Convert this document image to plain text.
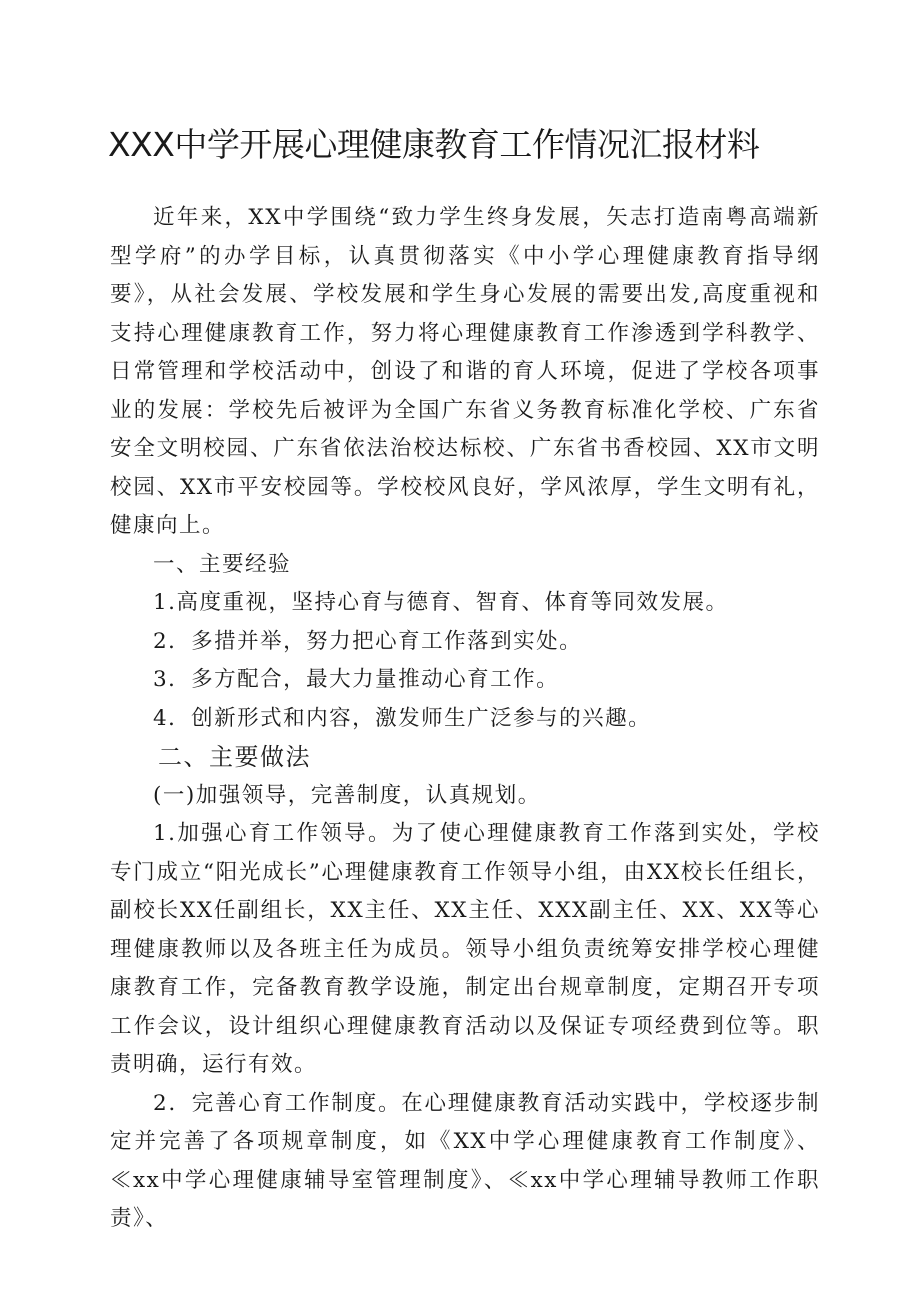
XXX中学开展心理健康教育工作情况汇报材料

近年来，XX中学围绕“致力学生终身发展，矢志打造南粤高端新型学府”的办学目标，认真贯彻落实《中小学心理健康教育指导纲要》，从社会发展、学校发展和学生身心发展的需要出发,高度重视和支持心理健康教育工作，努力将心理健康教育工作渗透到学科教学、日常管理和学校活动中，创设了和谐的育人环境，促进了学校各项事业的发展：学校先后被评为全国广东省义务教育标准化学校、广东省安全文明校园、广东省依法治校达标校、广东省书香校园、XX市文明校园、XX市平安校园等。学校校风良好，学风浓厚，学生文明有礼，健康向上。

一、主要经验

1.高度重视，坚持心育与德育、智育、体育等同效发展。

2．多措并举，努力把心育工作落到实处。

3．多方配合，最大力量推动心育工作。

4．创新形式和内容，激发师生广泛参与的兴趣。

二、主要做法

(一)加强领导，完善制度，认真规划。

1.加强心育工作领导。为了使心理健康教育工作落到实处，学校专门成立“阳光成长”心理健康教育工作领导小组，由XX校长任组长，副校长XX任副组长，XX主任、XX主任、XXX副主任、XX、XX等心理健康教师以及各班主任为成员。领导小组负责统筹安排学校心理健康教育工作，完备教育教学设施，制定出台规章制度，定期召开专项工作会议，设计组织心理健康教育活动以及保证专项经费到位等。职责明确，运行有效。

2．完善心育工作制度。在心理健康教育活动实践中，学校逐步制定并完善了各项规章制度，如《XX中学心理健康教育工作制度》、≪xx中学心理健康辅导室管理制度》、≪xx中学心理辅导教师工作职责》、
